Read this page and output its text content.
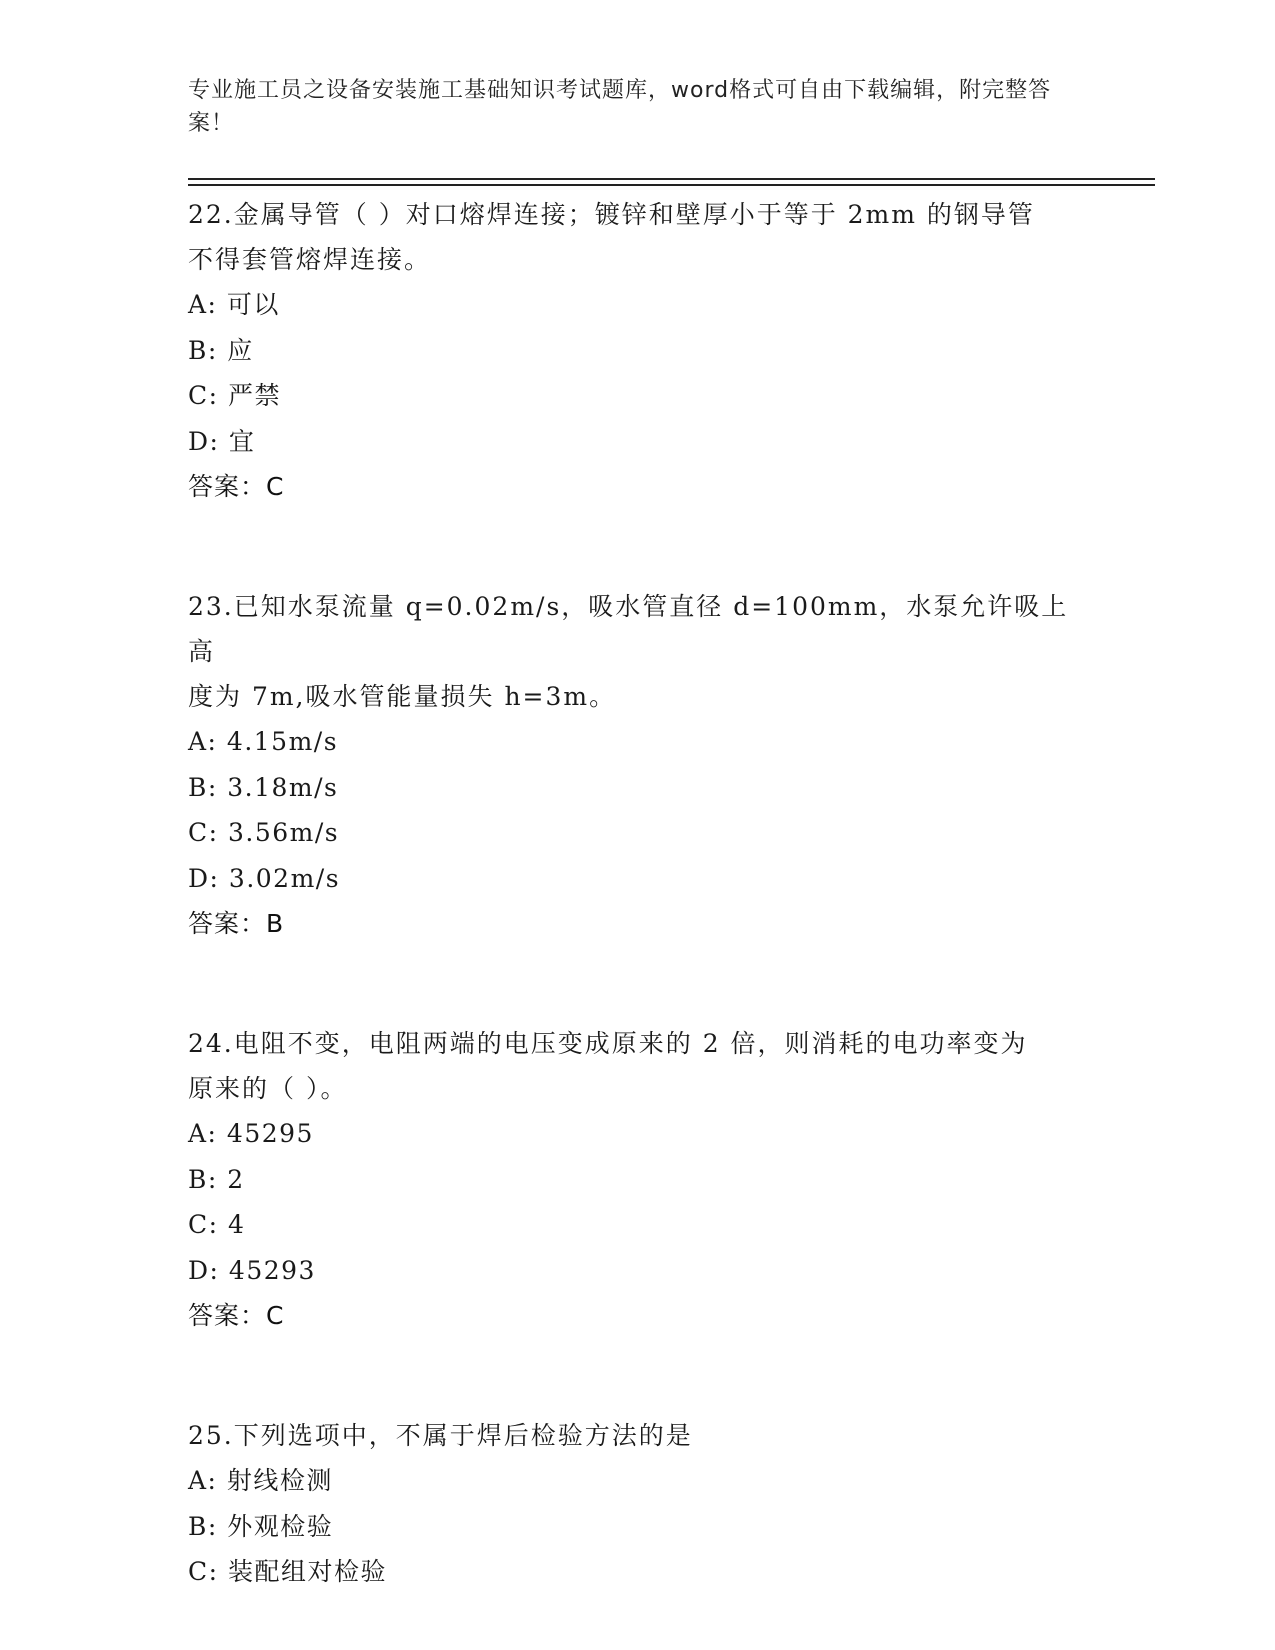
专业施工员之设备安装施工基础知识考试题库，word格式可自由下载编辑，附完整答案！

22.金属导管（ ）对口熔焊连接；镀锌和壁厚小于等于 2mm 的钢导管
不得套管熔焊连接。

A: 可以

B: 应

C: 严禁

D: 宜

答案：C

23.已知水泵流量 q=0.02m/s，吸水管直径 d=100mm，水泵允许吸上高
度为 7m,吸水管能量损失 h=3m。

A: 4.15m/s

B: 3.18m/s

C: 3.56m/s

D: 3.02m/s

答案：B

24.电阻不变，电阻两端的电压变成原来的 2 倍，则消耗的电功率变为
原来的（ ）。

A: 45295

B: 2

C: 4

D: 45293

答案：C

25.下列选项中，不属于焊后检验方法的是

A: 射线检测

B: 外观检验

C: 装配组对检验
